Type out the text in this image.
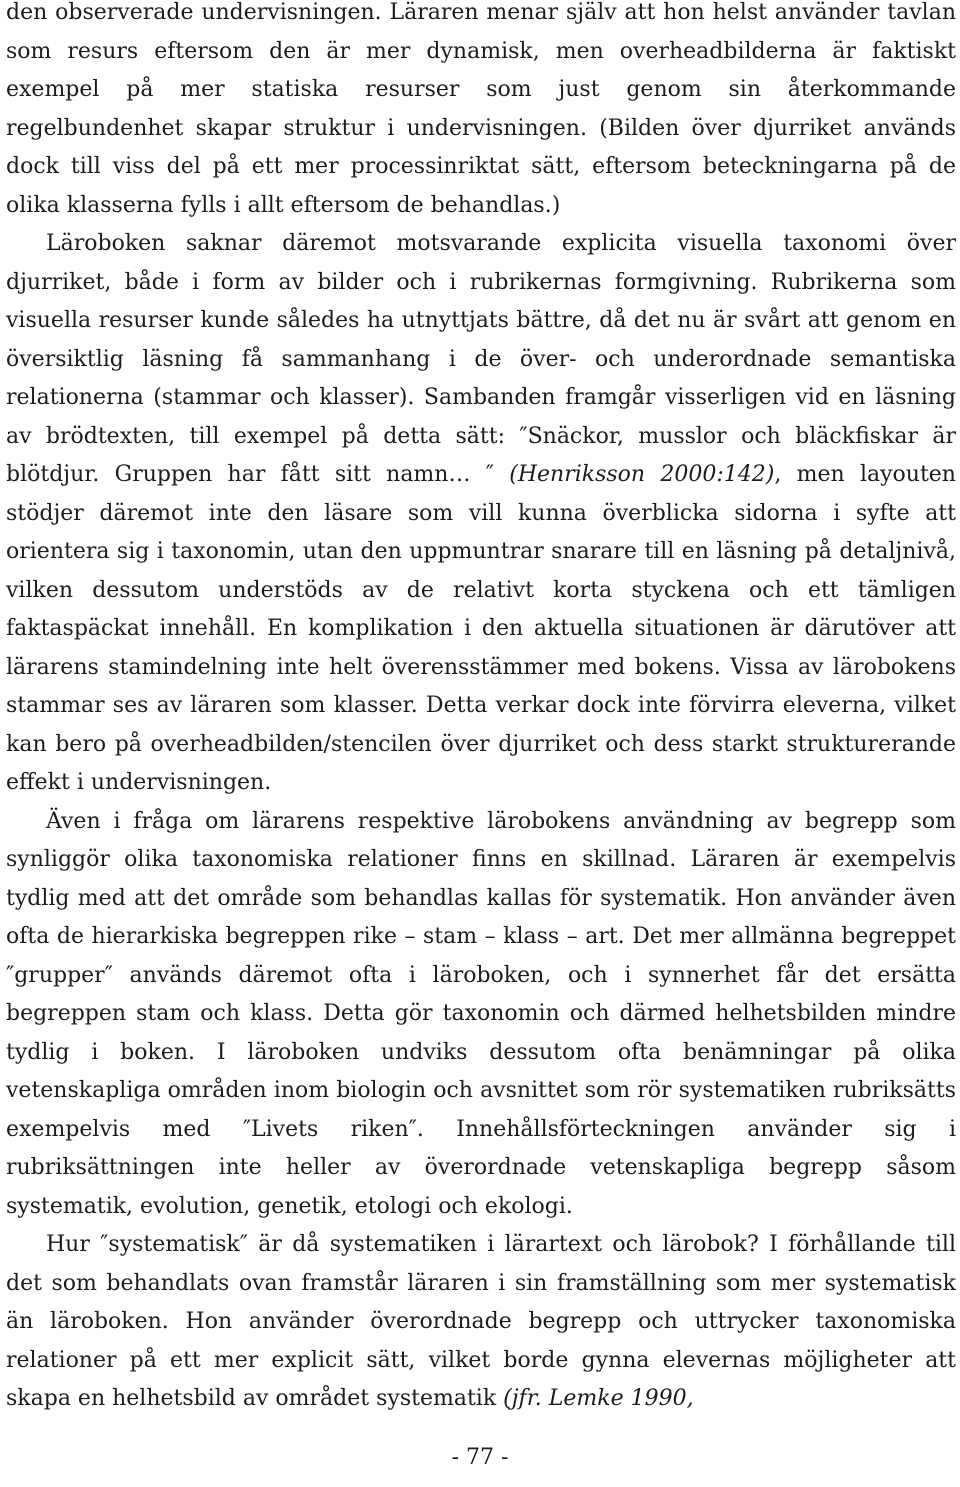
den observerade undervisningen. Läraren menar själv att hon helst använder tavlan som resurs eftersom den är mer dynamisk, men overheadbilderna är faktiskt exempel på mer statiska resurser som just genom sin återkommande regelbundenhet skapar struktur i undervisningen. (Bilden över djurriket används dock till viss del på ett mer processinriktat sätt, eftersom beteckningarna på de olika klasserna fylls i allt eftersom de behandlas.)

Läroboken saknar däremot motsvarande explicita visuella taxonomi över djurriket, både i form av bilder och i rubrikernas formgivning. Rubrikerna som visuella resurser kunde således ha utnyttjats bättre, då det nu är svårt att genom en översiktlig läsning få sammanhang i de över- och underordnade semantiska relationerna (stammar och klasser). Sambanden framgår visserligen vid en läsning av brödtexten, till exempel på detta sätt: ″Snäckor, musslor och bläckfiskar är blötdjur. Gruppen har fått sitt namn… ″ (Henriksson 2000:142), men layouten stödjer däremot inte den läsare som vill kunna överblicka sidorna i syfte att orientera sig i taxonomin, utan den uppmuntrar snarare till en läsning på detaljnivå, vilken dessutom understöds av de relativt korta styckena och ett tämligen faktaspäckat innehåll. En komplikation i den aktuella situationen är därutöver att lärarens stamindelning inte helt överensstämmer med bokens. Vissa av lärobokens stammar ses av läraren som klasser. Detta verkar dock inte förvirra eleverna, vilket kan bero på overheadbilden/stencilen över djurriket och dess starkt strukturerande effekt i undervisningen.

Även i fråga om lärarens respektive lärobokens användning av begrepp som synliggör olika taxonomiska relationer finns en skillnad. Läraren är exempelvis tydlig med att det område som behandlas kallas för systematik. Hon använder även ofta de hierarkiska begreppen rike – stam – klass – art. Det mer allmänna begreppet ″grupper″ används däremot ofta i läroboken, och i synnerhet får det ersätta begreppen stam och klass. Detta gör taxonomin och därmed helhetsbilden mindre tydlig i boken. I läroboken undviks dessutom ofta benämningar på olika vetenskapliga områden inom biologin och avsnittet som rör systematiken rubriksätts exempelvis med ″Livets riken″. Innehållsförteckningen använder sig i rubriksättningen inte heller av överordnade vetenskapliga begrepp såsom systematik, evolution, genetik, etologi och ekologi.

Hur ″systematisk″ är då systematiken i lärartext och lärobok? I förhållande till det som behandlats ovan framstår läraren i sin framställning som mer systematisk än läroboken. Hon använder överordnade begrepp och uttrycker taxonomiska relationer på ett mer explicit sätt, vilket borde gynna elevernas möjligheter att skapa en helhetsbild av området systematik (jfr. Lemke 1990,

- 77 -
